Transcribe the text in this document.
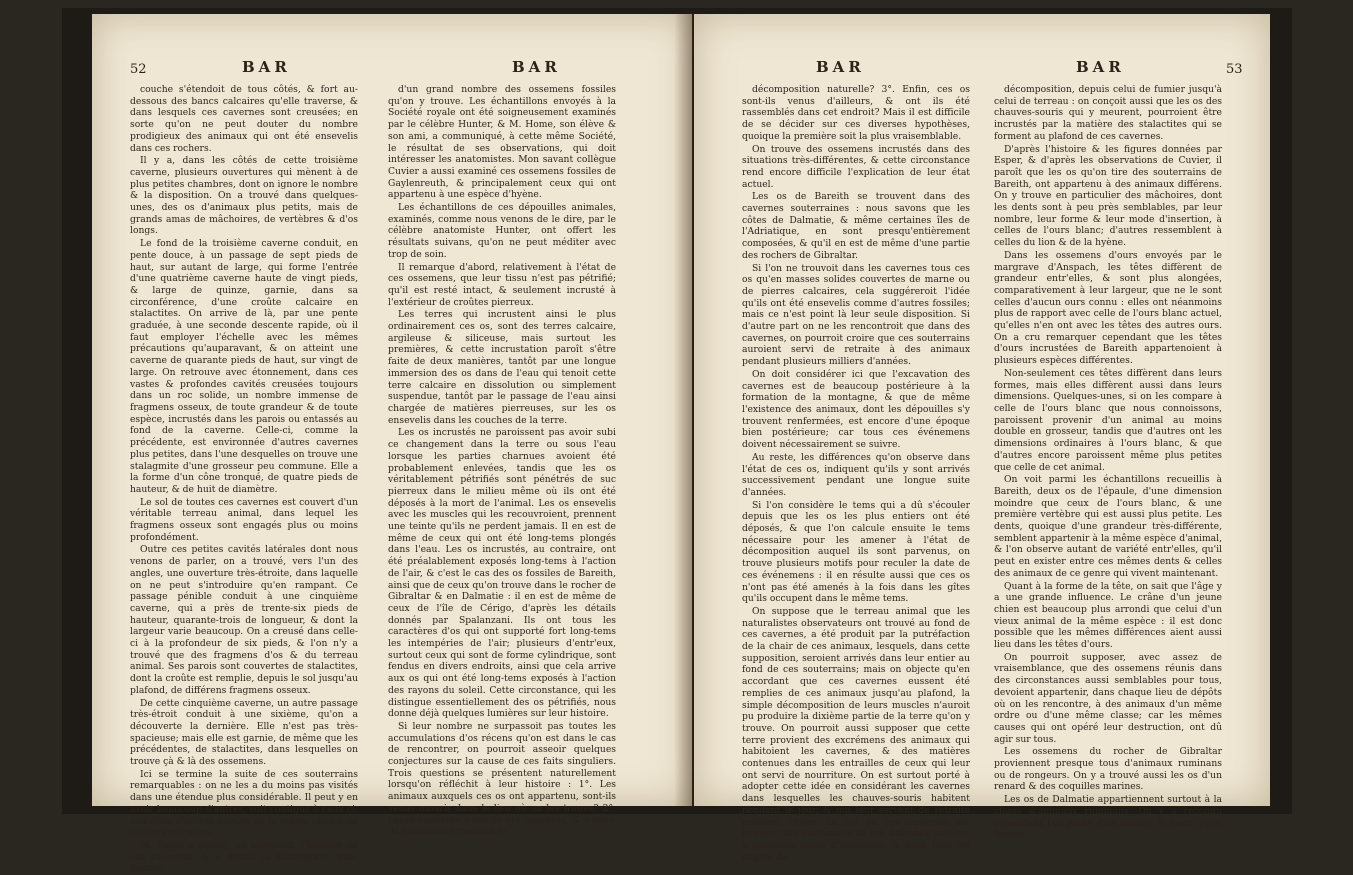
52	BAR	BAR

couche s'étendoit de tous côtés, & fort au-dessous des bancs calcaires qu'elle traverse, & dans lesquels ces cavernes sont creusées; en sorte qu'on ne peut douter du nombre prodigieux des animaux qui ont été ensevelis dans ces rochers.

Il y a, dans les côtés de cette troisième caverne, plusieurs ouvertures qui mènent à de plus petites chambres, dont on ignore le nombre & la disposition. On a trouvé dans quelques-unes, des os d'animaux plus petits, mais de grands amas de mâchoires, de vertèbres & d'os longs.

Le fond de la troisième caverne conduit, en pente douce, à un passage de sept pieds de haut, sur autant de large, qui forme l'entrée d'une quatrième caverne haute de vingt pieds, & large de quinze, garnie, dans sa circonférence, d'une croûte calcaire en stalactites. On arrive de là, par une pente graduée, à une seconde descente rapide, où il faut employer l'échelle avec les mêmes précautions qu'auparavant, & on atteint une caverne de quarante pieds de haut, sur vingt de large. On retrouve avec étonnement, dans ces vastes & profondes cavités creusées toujours dans un roc solide, un nombre immense de fragmens osseux, de toute grandeur & de toute espèce, incrustés dans les parois ou entassés au fond de la caverne. Celle-ci, comme la précédente, est environnée d'autres cavernes plus petites, dans l'une desquelles on trouve une stalagmite d'une grosseur peu commune. Elle a la forme d'un cône tronqué, de quatre pieds de hauteur, & de huit de diamètre.

Le sol de toutes ces cavernes est couvert d'un véritable terreau animal, dans lequel les fragmens osseux sont engagés plus ou moins profondément.

Outre ces petites cavités latérales dont nous venons de parler, on a trouvé, vers l'un des angles, une ouverture très-étroite, dans laquelle on ne peut s'introduire qu'en rampant. Ce passage pénible conduit à une cinquième caverne, qui a près de trente-six pieds de hauteur, quarante-trois de longueur, & dont la largeur varie beaucoup. On a creusé dans celle-ci à la profondeur de six pieds, & l'on n'y a trouvé que des fragmens d'os & du terreau animal. Ses parois sont couvertes de stalactites, dont la croûte est remplie, depuis le sol jusqu'au plafond, de différens fragmens osseux.

De cette cinquième caverne, un autre passage très-étroit conduit à une sixième, qu'on a découverte la dernière. Elle n'est pas très-spacieuse; mais elle est garnie, de même que les précédentes, de stalactites, dans lesquelles on trouve çà & là des ossemens.

Ici se termine la suite de ces souterrains remarquables : on ne les a du moins pas visités dans une étendue plus considérable. Il peut y en avoir beaucoup d'autres, soit contigus à ceux ci, soit dans d'autres parties de la même chaîne de collines calcaires.

M. Esper a publié, en allemand, l'histoire de ces cavernes, & a donné la description, avec figures,

d'un grand nombre des ossemens fossiles qu'on y trouve. Les échantillons envoyés à la Société royale ont été soigneusement examinés par le célèbre Hunter, & M. Home, son élève & son ami, a communiqué, à cette même Société, le résultat de ses observations, qui doit intéresser les anatomistes. Mon savant collègue Cuvier a aussi examiné ces ossemens fossiles de Gaylenreuth, & principalement ceux qui ont appartenu à une espèce d'hyène.

Les échantillons de ces dépouilles animales, examinés, comme nous venons de le dire, par le célèbre anatomiste Hunter, ont offert les résultats suivans, qu'on ne peut méditer avec trop de soin.

Il remarque d'abord, relativement à l'état de ces ossemens, que leur tissu n'est pas pétrifié; qu'il est resté intact, & seulement incrusté à l'extérieur de croûtes pierreux.

Les terres qui incrustent ainsi le plus ordinairement ces os, sont des terres calcaire, argileuse & siliceuse, mais surtout les premières, & cette incrustation paroît s'être faite de deux manières, tantôt par une longue immersion des os dans de l'eau qui tenoit cette terre calcaire en dissolution ou simplement suspendue, tantôt par le passage de l'eau ainsi chargée de matières pierreuses, sur les os ensevelis dans les couches de la terre.

Les os incrustés ne paroissent pas avoir subi ce changement dans la terre ou sous l'eau lorsque les parties charnues avoient été probablement enlevées, tandis que les os véritablement pétrifiés sont pénétrés de suc pierreux dans le milieu même où ils ont été déposés à la mort de l'animal. Les os ensevelis avec les muscles qui les recouvroient, prennent une teinte qu'ils ne perdent jamais. Il en est de même de ceux qui ont été long-tems plongés dans l'eau. Les os incrustés, au contraire, ont été préalablement exposés long-tems à l'action de l'air, & c'est le cas des os fossiles de Bareith, ainsi que de ceux qu'on trouve dans le rocher de Gibraltar & en Dalmatie : il en est de même de ceux de l'île de Cérigo, d'après les détails donnés par Spalanzani. Ils ont tous les caractères d'os qui ont supporté fort long-tems les intempéries de l'air; plusieurs d'entr'eux, surtout ceux qui sont de forme cylindrique, sont fendus en divers endroits, ainsi que cela arrive aux os qui ont été long-tems exposés à l'action des rayons du soleil. Cette circonstance, qui les distingue essentiellement des os pétrifiés, nous donne déjà quelques lumières sur leur histoire.

Si leur nombre ne surpassoit pas toutes les accumulations d'os récens qu'on est dans le cas de rencontrer, on pourroit asseoir quelques conjectures sur la cause de ces faits singuliers. Trois questions se présentent naturellement lorsqu'on réfléchit à leur histoire : 1°. Les animaux auxquels ces os ont appartenu, sont-ils venus mourir dans le lieu où on les trouve? 2°. Leurs cadavres y ont-ils été apportés, & y sont-ils demeurés exposés à la

BAR	BAR	53

décomposition naturelle? 3°. Enfin, ces os sont-ils venus d'ailleurs, & ont ils été rassemblés dans cet endroit? Mais il est difficile de se décider sur ces diverses hypothèses, quoique la première soit la plus vraisemblable.

On trouve des ossemens incrustés dans des situations très-différentes, & cette circonstance rend encore difficile l'explication de leur état actuel.

Les os de Bareith se trouvent dans des cavernes souterraines : nous savons que les côtes de Dalmatie, & même certaines îles de l'Adriatique, en sont presqu'entièrement composées, & qu'il en est de même d'une partie des rochers de Gibraltar.

Si l'on ne trouvoit dans les cavernes tous ces os qu'en masses solides couvertes de marne ou de pierres calcaires, cela suggéreroit l'idée qu'ils ont été ensevelis comme d'autres fossiles; mais ce n'est point là leur seule disposition. Si d'autre part on ne les rencontroit que dans des cavernes, on pourroit croire que ces souterrains auroient servi de retraite à des animaux pendant plusieurs milliers d'années.

On doit considérer ici que l'excavation des cavernes est de beaucoup postérieure à la formation de la montagne, & que de même l'existence des animaux, dont les dépouilles s'y trouvent renfermées, est encore d'une époque bien postérieure; car tous ces événemens doivent nécessairement se suivre.

Au reste, les différences qu'on observe dans l'état de ces os, indiquent qu'ils y sont arrivés successivement pendant une longue suite d'années.

Si l'on considère le tems qui a dû s'écouler depuis que les os les plus entiers ont été déposés, & que l'on calcule ensuite le tems nécessaire pour les amener à l'état de décomposition auquel ils sont parvenus, on trouve plusieurs motifs pour reculer la date de ces événemens : il en résulte aussi que ces os n'ont pas été amenés à la fois dans les gîtes qu'ils occupent dans le même tems.

On suppose que le terreau animal que les naturalistes observateurs ont trouvé au fond de ces cavernes, a été produit par la putréfaction de la chair de ces animaux, lesquels, dans cette supposition, seroient arrivés dans leur entier au fond de ces souterrains; mais on objecte qu'en accordant que ces cavernes eussent été remplies de ces animaux jusqu'au plafond, la simple décomposition de leurs muscles n'auroit pu produire la dixième partie de la terre qu'on y trouve. On pourroit aussi supposer que cette terre provient des excrémens des animaux qui habitoient les cavernes, & des matières contenues dans les entrailles de ceux qui leur ont servi de nourriture. On est surtout porté à adopter cette idée en considérant les cavernes dans lesquelles les chauves-souris habitent pendant le jour, & qui leur servent de retraite pendant l'hiver. Le sol de ces cavernes est couvert des excrémens de ces animaux souvent à plusieurs pieds d'épaisseur, & dans tous les degrés de

décomposition, depuis celui de fumier jusqu'à celui de terreau : on conçoit aussi que les os des chauves-souris qui y meurent, pourroient être incrustés par la matière des stalactites qui se forment au plafond de ces cavernes.

D'après l'histoire & les figures données par Esper, & d'après les observations de Cuvier, il paroît que les os qu'on tire des souterrains de Bareith, ont appartenu à des animaux différens. On y trouve en particulier des mâchoires, dont les dents sont à peu près semblables, par leur nombre, leur forme & leur mode d'insertion, à celles de l'ours blanc; d'autres ressemblent à celles du lion & de la hyène.

Dans les ossemens d'ours envoyés par le margrave d'Anspach, les têtes diffèrent de grandeur entr'elles, & sont plus alongées, comparativement à leur largeur, que ne le sont celles d'aucun ours connu : elles ont néanmoins plus de rapport avec celle de l'ours blanc actuel, qu'elles n'en ont avec les têtes des autres ours. On a cru remarquer cependant que les têtes d'ours incrustées de Bareith appartenoient à plusieurs espèces différentes.

Non-seulement ces têtes diffèrent dans leurs formes, mais elles diffèrent aussi dans leurs dimensions. Quelques-unes, si on les compare à celle de l'ours blanc que nous connoissons, paroissent provenir d'un animal au moins double en grosseur, tandis que d'autres ont les dimensions ordinaires à l'ours blanc, & que d'autres encore paroissent même plus petites que celle de cet animal.

On voit parmi les échantillons recueillis à Bareith, deux os de l'épaule, d'une dimension moindre que ceux de l'ours blanc, & une première vertèbre qui est aussi plus petite. Les dents, quoique d'une grandeur très-différente, semblent appartenir à la même espèce d'animal, & l'on observe autant de variété entr'elles, qu'il peut en exister entre ces mêmes dents & celles des animaux de ce genre qui vivent maintenant.

Quant à la forme de la tête, on sait que l'âge y a une grande influence. Le crâne d'un jeune chien est beaucoup plus arrondi que celui d'un vieux animal de la même espèce : il est donc possible que les mêmes différences aient aussi lieu dans les têtes d'ours.

On pourroit supposer, avec assez de vraisemblance, que des ossemens réunis dans des circonstances aussi semblables pour tous, devoient appartenir, dans chaque lieu de dépôts où on les rencontre, à des animaux d'un même ordre ou d'une même classe; car les mêmes causes qui ont opéré leur destruction, ont dû agir sur tous.

Les ossemens du rocher de Gibraltar proviennent presque tous d'animaux ruminans ou de rongeurs. On y a trouvé aussi les os d'un renard & des coquilles marines.

Les os de Dalmatie appartiennent surtout à la classe d'animaux ruminans. On y a reconnu cependant l'os yoide d'un cheval, & ceux qu'on trouve
